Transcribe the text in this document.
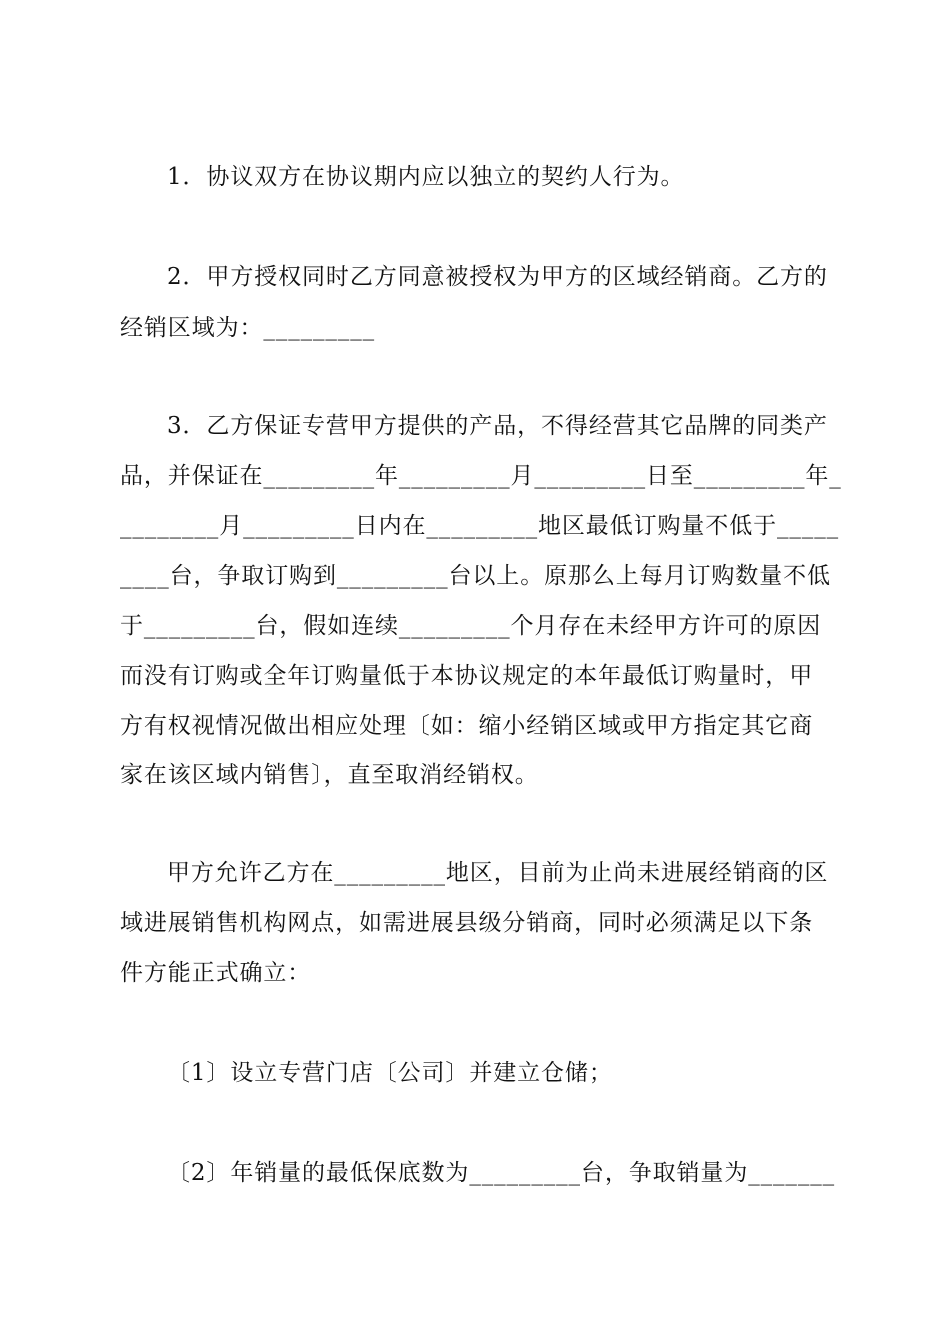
1．协议双方在协议期内应以独立的契约人行为。
2．甲方授权同时乙方同意被授权为甲方的区域经销商。乙方的
经销区域为：_________
3．乙方保证专营甲方提供的产品，不得经营其它品牌的同类产
品，并保证在_________年_________月_________日至_________年_
________月_________日内在_________地区最低订购量不低于_____
____台，争取订购到_________台以上。原那么上每月订购数量不低
于_________台，假如连续_________个月存在未经甲方许可的原因
而没有订购或全年订购量低于本协议规定的本年最低订购量时，甲
方有权视情况做出相应处理〔如：缩小经销区域或甲方指定其它商
家在该区域内销售〕，直至取消经销权。
甲方允许乙方在_________地区，目前为止尚未进展经销商的区
域进展销售机构网点，如需进展县级分销商，同时必须满足以下条
件方能正式确立：
〔1〕设立专营门店〔公司〕并建立仓储；
〔2〕年销量的最低保底数为_________台，争取销量为_______
